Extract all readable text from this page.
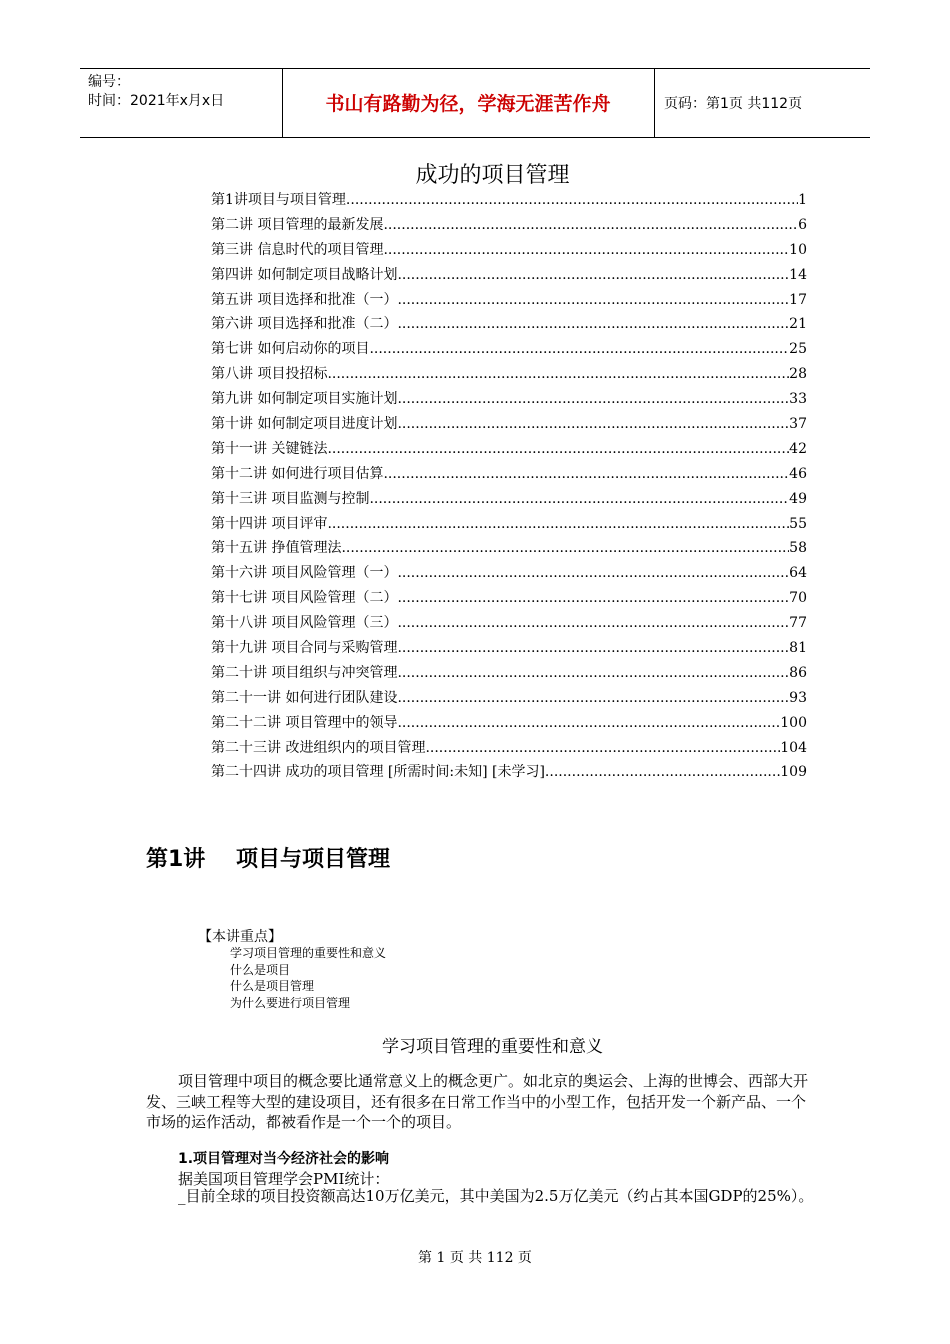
编号：
时间：2021年x月x日	书山有路勤为径，学海无涯苦作舟	页码：第1页 共112页
成功的项目管理
第1讲项目与项目管理 .....	1
第二讲 项目管理的最新发展 .....	6
第三讲 信息时代的项目管理 .....	10
第四讲 如何制定项目战略计划 .....	14
第五讲 项目选择和批准（一） .....	17
第六讲 项目选择和批准（二） .....	21
第七讲 如何启动你的项目 .....	25
第八讲 项目投招标 .....	28
第九讲 如何制定项目实施计划 .....	33
第十讲 如何制定项目进度计划 .....	37
第十一讲 关键链法 .....	42
第十二讲 如何进行项目估算 .....	46
第十三讲 项目监测与控制 .....	49
第十四讲 项目评审 .....	55
第十五讲 挣值管理法 .....	58
第十六讲 项目风险管理（一） .....	64
第十七讲 项目风险管理（二） .....	70
第十八讲 项目风险管理（三） .....	77
第十九讲 项目合同与采购管理 .....	81
第二十讲 项目组织与冲突管理 .....	86
第二十一讲 如何进行团队建设 .....	93
第二十二讲 项目管理中的领导 .....	100
第二十三讲 改进组织内的项目管理 .....	104
第二十四讲 成功的项目管理 [所需时间:未知] [未学习] .....	109
第1讲    项目与项目管理
【本讲重点】
学习项目管理的重要性和意义
什么是项目
什么是项目管理
为什么要进行项目管理
学习项目管理的重要性和意义

项目管理中项目的概念要比通常意义上的概念更广。如北京的奥运会、上海的世博会、西部大开发、三峡工程等大型的建设项目，还有很多在日常工作当中的小型工作，包括开发一个新产品、一个市场的运作活动，都被看作是一个一个的项目。

1.项目管理对当今经济社会的影响
据美国项目管理学会PMI统计：

_目前全球的项目投资额高达10万亿美元，其中美国为2.5万亿美元（约占其本国GDP的25%）。

第 1 页 共 112 页
